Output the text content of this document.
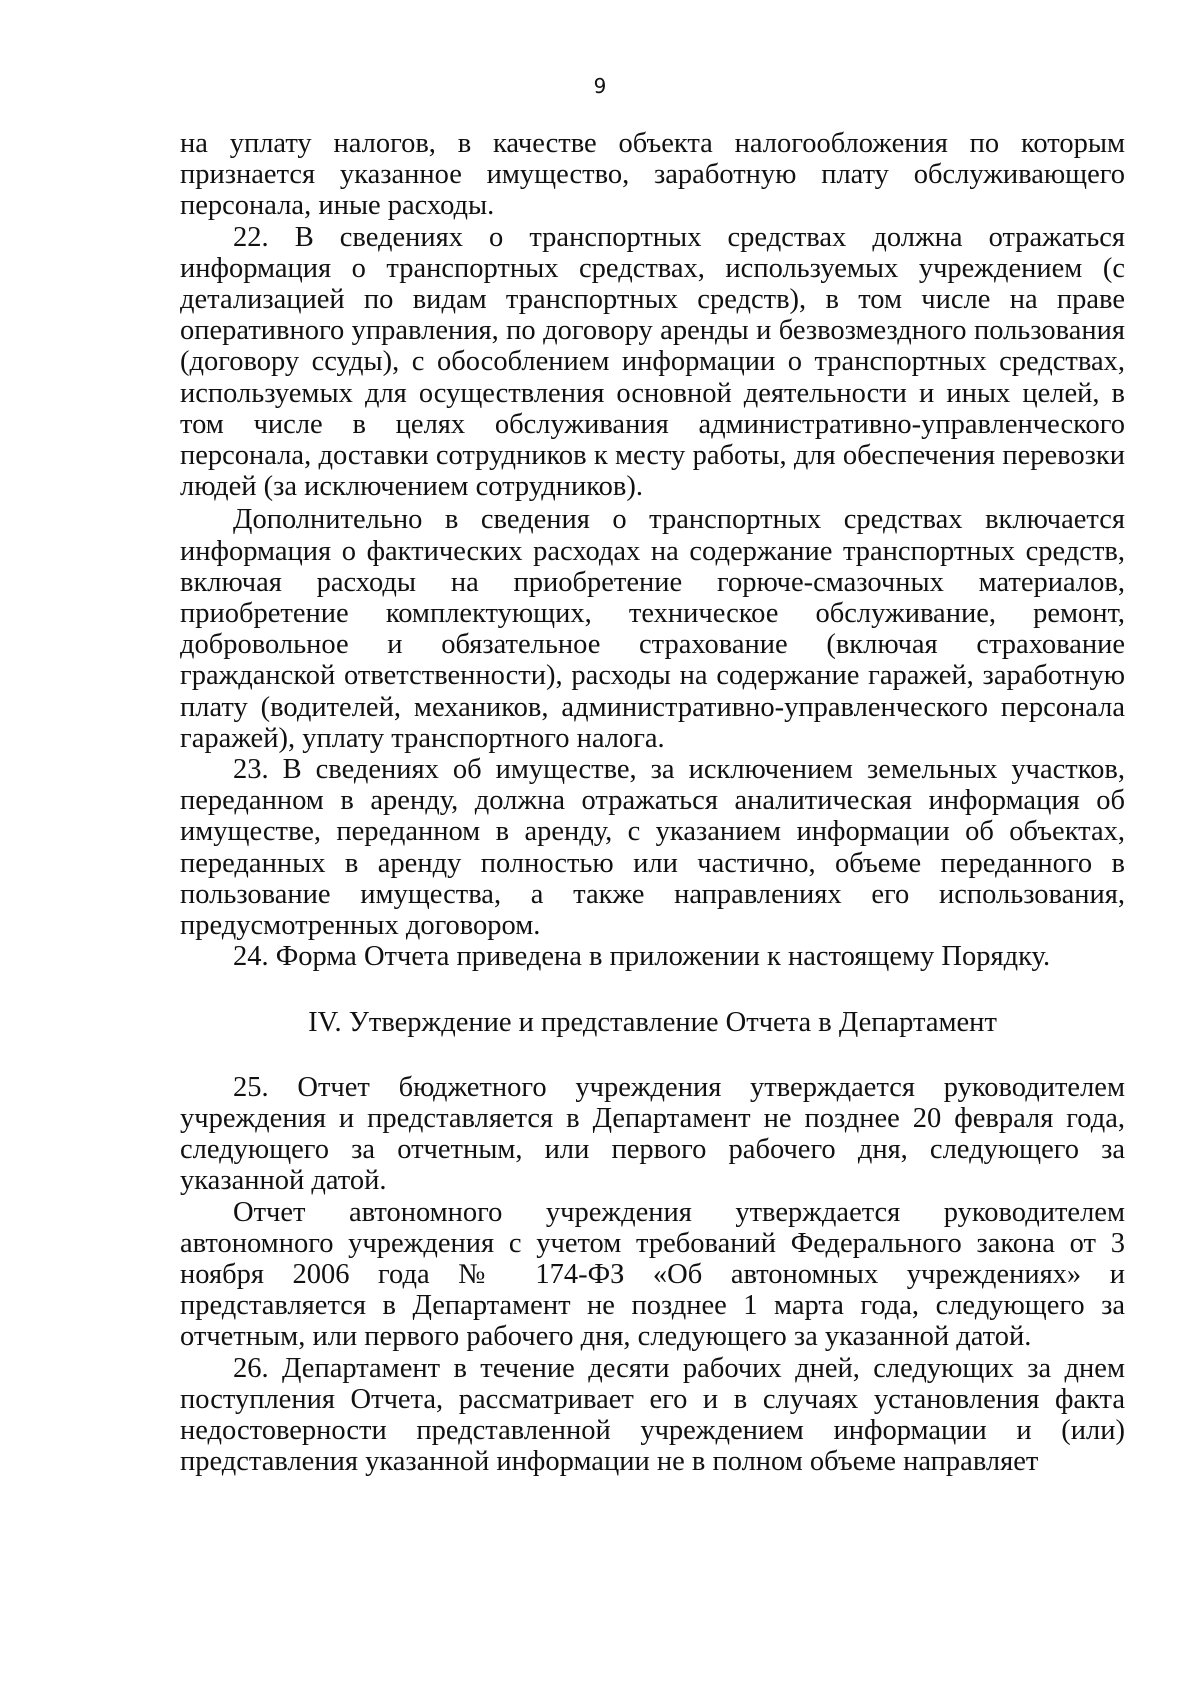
9

на уплату налогов, в качестве объекта налогообложения по которым признается указанное имущество, заработную плату обслуживающего персонала, иные расходы.

22. В сведениях о транспортных средствах должна отражаться информация о транспортных средствах, используемых учреждением (с детализацией по видам транспортных средств), в том числе на праве оперативного управления, по договору аренды и безвозмездного пользования (договору ссуды), с обособлением информации о транспортных средствах, используемых для осуществления основной деятельности и иных целей, в том числе в целях обслуживания административно-управленческого персонала, доставки сотрудников к месту работы, для обеспечения перевозки людей (за исключением сотрудников).

Дополнительно в сведения о транспортных средствах включается информация о фактических расходах на содержание транспортных средств, включая расходы на приобретение горюче-смазочных материалов, приобретение комплектующих, техническое обслуживание, ремонт, добровольное и обязательное страхование (включая страхование гражданской ответственности), расходы на содержание гаражей, заработную плату (водителей, механиков, административно-управленческого персонала гаражей), уплату транспортного налога.

23. В сведениях об имуществе, за исключением земельных участков, переданном в аренду, должна отражаться аналитическая информация об имуществе, переданном в аренду, с указанием информации об объектах, переданных в аренду полностью или частично, объеме переданного в пользование имущества, а также направлениях его использования, предусмотренных договором.

24. Форма Отчета приведена в приложении к настоящему Порядку.

IV. Утверждение и представление Отчета в Департамент

25. Отчет бюджетного учреждения утверждается руководителем учреждения и представляется в Департамент не позднее 20 февраля года, следующего за отчетным, или первого рабочего дня, следующего за указанной датой.

Отчет автономного учреждения утверждается руководителем автономного учреждения с учетом требований Федерального закона от 3 ноября 2006 года № 174-ФЗ «Об автономных учреждениях» и представляется в Департамент не позднее 1 марта года, следующего за отчетным, или первого рабочего дня, следующего за указанной датой.

26. Департамент в течение десяти рабочих дней, следующих за днем поступления Отчета, рассматривает его и в случаях установления факта недостоверности представленной учреждением информации и (или) представления указанной информации не в полном объеме направляет
